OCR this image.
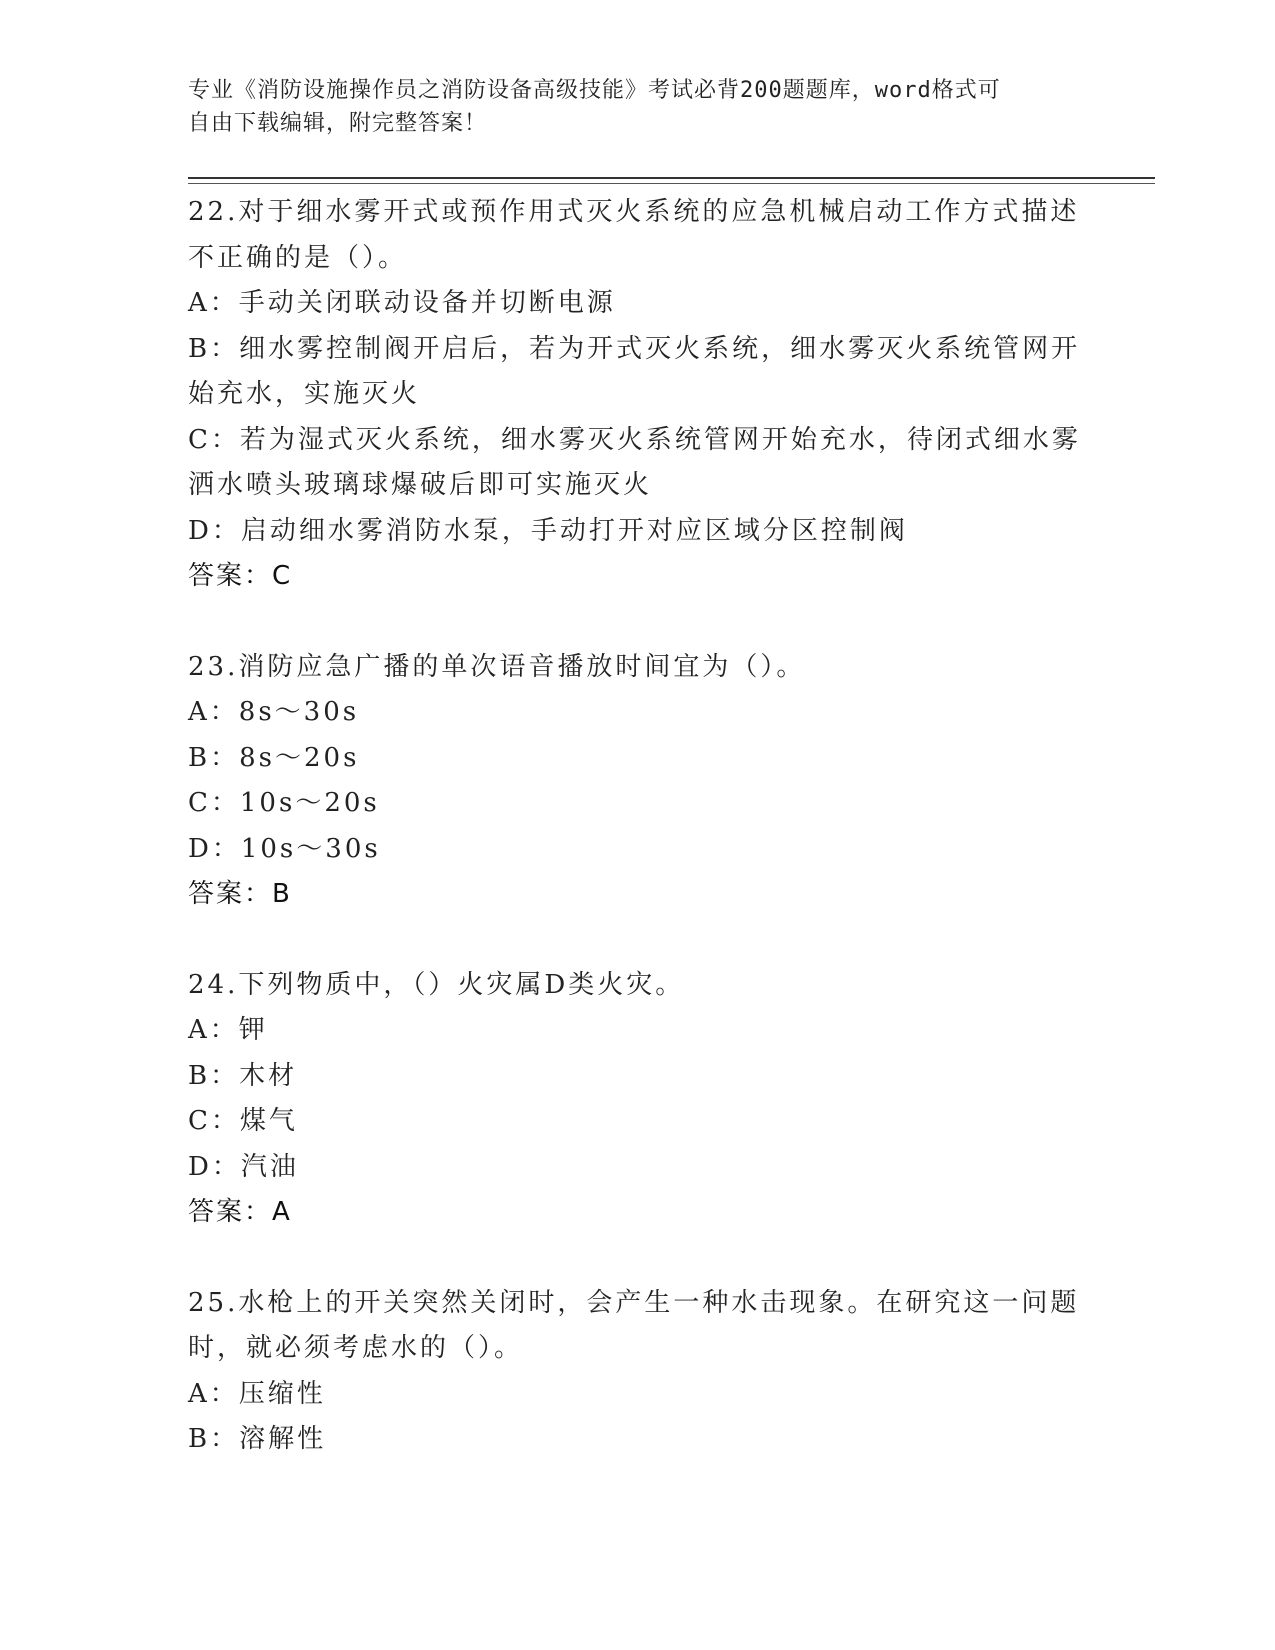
专业《消防设施操作员之消防设备高级技能》考试必背200题题库，word格式可
自由下载编辑，附完整答案！
22.对于细水雾开式或预作用式灭火系统的应急机械启动工作方式描述
不正确的是（）。
A：手动关闭联动设备并切断电源
B：细水雾控制阀开启后，若为开式灭火系统，细水雾灭火系统管网开
始充水，实施灭火
C：若为湿式灭火系统，细水雾灭火系统管网开始充水，待闭式细水雾
洒水喷头玻璃球爆破后即可实施灭火
D：启动细水雾消防水泵，手动打开对应区域分区控制阀
答案：C
23.消防应急广播的单次语音播放时间宜为（）。
A：8s～30s
B：8s～20s
C：10s～20s
D：10s～30s
答案：B
24.下列物质中，（）火灾属D类火灾。
A：钾
B：木材
C：煤气
D：汽油
答案：A
25.水枪上的开关突然关闭时，会产生一种水击现象。在研究这一问题
时，就必须考虑水的（）。
A：压缩性
B：溶解性
